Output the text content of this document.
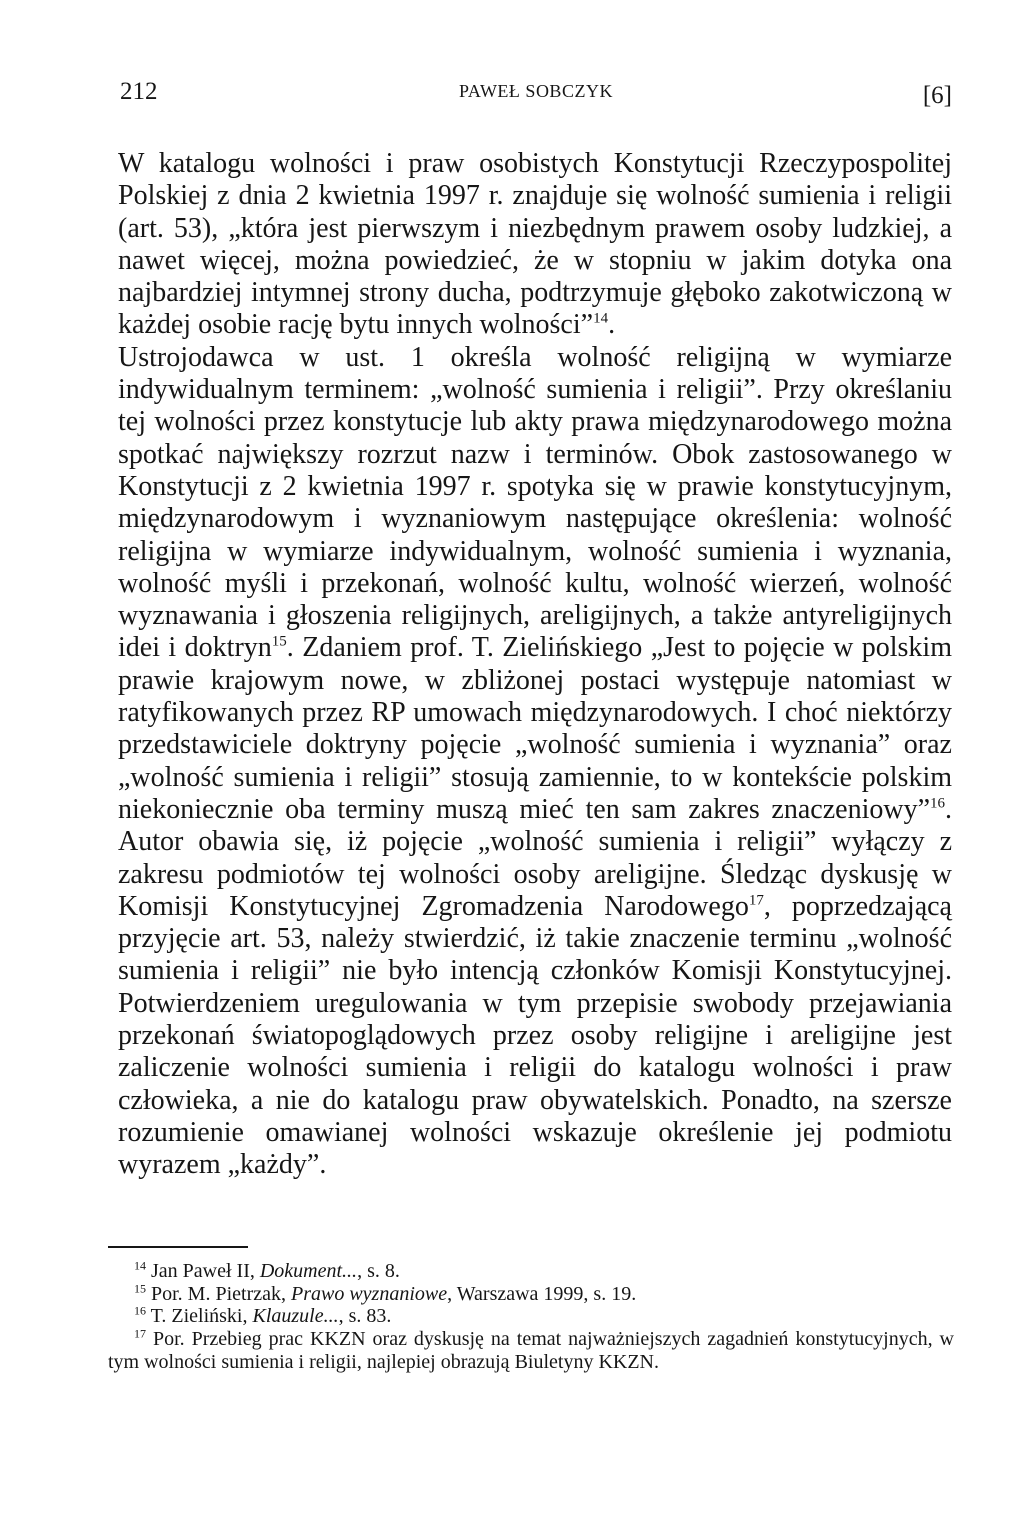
212	PAWEŁ SOBCZYK	[6]

W katalogu wolności i praw osobistych Konstytucji Rzeczypospolitej Polskiej z dnia 2 kwietnia 1997 r. znajduje się wolność sumienia i religii (art. 53), „która jest pierwszym i niezbędnym prawem osoby ludzkiej, a nawet więcej, można powiedzieć, że w stopniu w jakim dotyka ona najbardziej intymnej strony ducha, podtrzymuje głęboko zakotwiczoną w każdej osobie rację bytu innych wolności”$^{14}$.

Ustrojodawca w ust. 1 określa wolność religijną w wymiarze indywidualnym terminem: „wolność sumienia i religii”. Przy określaniu tej wolności przez konstytucje lub akty prawa międzynarodowego można spotkać największy rozrzut nazw i terminów. Obok zastosowanego w Konstytucji z 2 kwietnia 1997 r. spotyka się w prawie konstytucyjnym, międzynarodowym i wyznaniowym następujące określenia: wolność religijna w wymiarze indywidualnym, wolność sumienia i wyznania, wolność myśli i przekonań, wolność kultu, wolność wierzeń, wolność wyznawania i głoszenia religijnych, areligijnych, a także antyreligijnych idei i doktryn$^{15}$. Zdaniem prof. T. Zielińskiego „Jest to pojęcie w polskim prawie krajowym nowe, w zbliżonej postaci występuje natomiast w ratyfikowanych przez RP umowach międzynarodowych. I choć niektórzy przedstawiciele doktryny pojęcie „wolność sumienia i wyznania” oraz „wolność sumienia i religii” stosują zamiennie, to w kontekście polskim niekoniecznie oba terminy muszą mieć ten sam zakres znaczeniowy”$^{16}$. Autor obawia się, iż pojęcie „wolność sumienia i religii” wyłączy z zakresu podmiotów tej wolności osoby areligijne. Śledząc dyskusję w Komisji Konstytucyjnej Zgromadzenia Narodowego$^{17}$, poprzedzającą przyjęcie art. 53, należy stwierdzić, iż takie znaczenie terminu „wolność sumienia i religii” nie było intencją członków Komisji Konstytucyjnej. Potwierdzeniem uregulowania w tym przepisie swobody przejawiania przekonań światopoglądowych przez osoby religijne i areligijne jest zaliczenie wolności sumienia i religii do katalogu wolności i praw człowieka, a nie do katalogu praw obywatelskich. Ponadto, na szersze rozumienie omawianej wolności wskazuje określenie jej podmiotu wyrazem „każdy”.

$^{14}$ Jan Paweł II, Dokument..., s. 8.

$^{15}$ Por. M. Pietrzak, Prawo wyznaniowe, Warszawa 1999, s. 19.

$^{16}$ T. Zieliński, Klauzule..., s. 83.

$^{17}$ Por. Przebieg prac KKZN oraz dyskusję na temat najważniejszych zagadnień konstytucyjnych, w tym wolności sumienia i religii, najlepiej obrazują Biuletyny KKZN.
